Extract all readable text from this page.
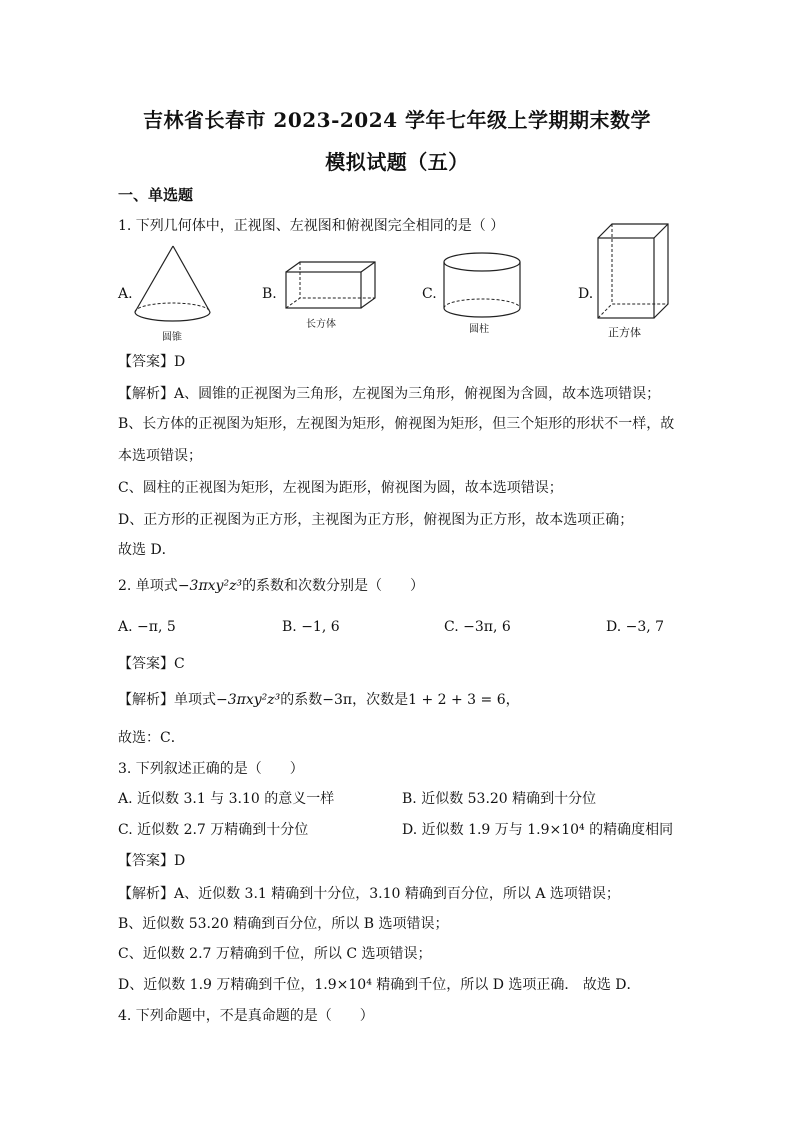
吉林省长春市 2023-2024 学年七年级上学期期末数学
模拟试题（五）
一、单选题
1. 下列几何体中，正视图、左视图和俯视图完全相同的是（ ）
A.
圆锥
B.
长方体
C.
圆柱
D.
正方体
【答案】D
【解析】A、圆锥的正视图为三角形，左视图为三角形，俯视图为含圆，故本选项错误；
B、长方体的正视图为矩形，左视图为矩形，俯视图为矩形，但三个矩形的形状不一样，故
本选项错误；
C、圆柱的正视图为矩形，左视图为距形，俯视图为圆，故本选项错误；
D、正方形的正视图为正方形，主视图为正方形，俯视图为正方形，故本选项正确；
故选 D．
2. 单项式−3πxy²z³的系数和次数分别是（　　）
A. −π, 5	B. −1, 6	C. −3π, 6	D. −3, 7
【答案】C
【解析】单项式−3πxy²z³的系数−3π，次数是1 + 2 + 3 = 6，
故选：C．
3. 下列叙述正确的是（　　）
A. 近似数 3.1 与 3.10 的意义一样	B. 近似数 53.20 精确到十分位
C. 近似数 2.7 万精确到十分位	D. 近似数 1.9 万与 1.9×10⁴ 的精确度相同
【答案】D
【解析】A、近似数 3.1 精确到十分位，3.10 精确到百分位，所以 A 选项错误；
B、近似数 53.20 精确到百分位，所以 B 选项错误；
C、近似数 2.7 万精确到千位，所以 C 选项错误；
D、近似数 1.9 万精确到千位，1.9×10⁴ 精确到千位，所以 D 选项正确． 故选 D．
4. 下列命题中，不是真命题的是（　　）
